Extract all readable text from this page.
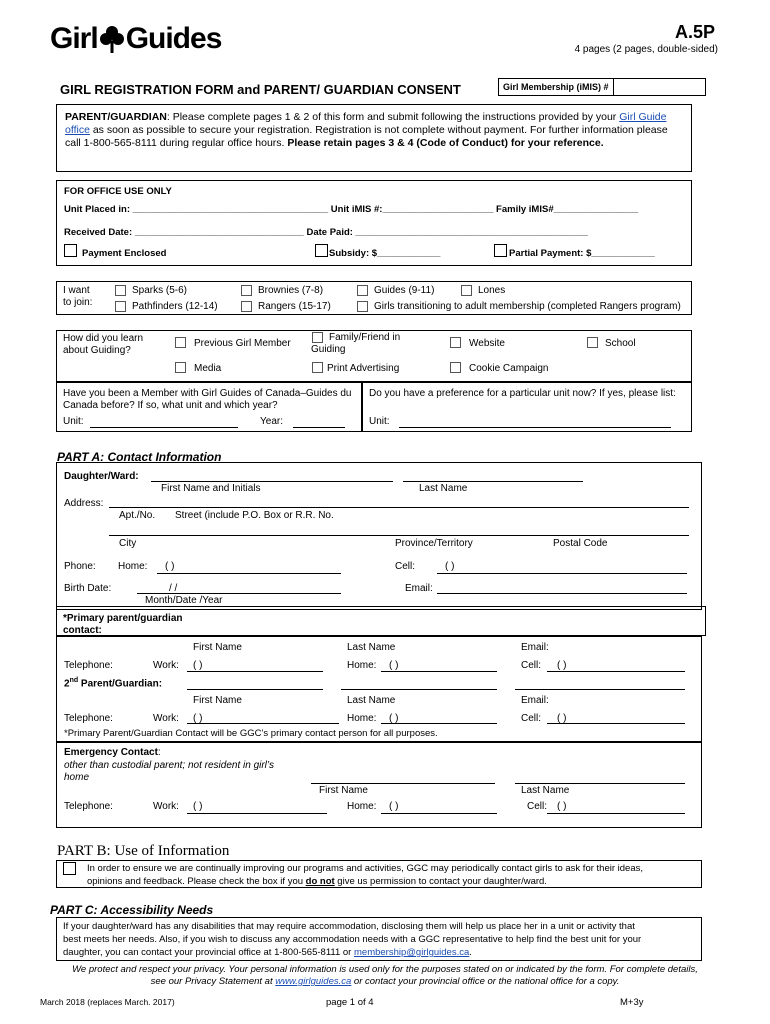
Girl Guides	A.5P
4 pages (2 pages, double-sided)
GIRL REGISTRATION FORM and PARENT/ GUARDIAN CONSENT	Girl Membership (iMIS) #
PARENT/GUARDIAN: Please complete pages 1 & 2 of this form and submit following the instructions provided by your Girl Guide office as soon as possible to secure your registration. Registration is not complete without payment. For further information please call 1-800-565-8111 during regular office hours. Please retain pages 3 & 4 (Code of Conduct) for your reference.
FOR OFFICE USE ONLY
Unit Placed in: _____________________________________ Unit iMIS #:_____________________ Family iMIS#________________
Received Date: ________________________________ Date Paid: ____________________________________________
Payment Enclosed	Subsidy: $____________	Partial Payment: $____________
I want
to join:
Sparks (5-6)	Brownies (7-8)	Guides (9-11)	Lones
Pathfinders (12-14)	Rangers (15-17)	Girls transitioning to adult membership (completed Rangers program)
How did you learn
about Guiding?
Previous Girl Member
Family/Friend in
Guiding
Website	School
Media	Print Advertising	Cookie Campaign
Have you been a Member with Girl Guides of Canada–Guides du
Canada before? If so, what unit and which year?
Unit:	Year:
Do you have a preference for a particular unit now? If yes, please list:
Unit:
PART A: Contact Information
Daughter/Ward:
First Name and Initials	Last Name
Address:
Apt./No. Street (include P.O. Box or R.R. No.
City	Province/Territory	Postal Code
Phone: Home: ( )	Cell:	( )
Birth Date:	/ /	Email:
Month/Date /Year
*Primary parent/guardian
contact:
First Name	Last Name	Email:
Telephone:	Work: ( )	Home: ( )	Cell: ( )
2nd Parent/Guardian:
First Name	Last Name	Email:
Telephone:	Work: ( )	Home: ( )	Cell: ( )
*Primary Parent/Guardian Contact will be GGC’s primary contact person for all purposes.
Emergency Contact:
other than custodial parent; not resident in girl’s
home
First Name	Last Name
Telephone:	Work: ( )	Home: ( )	Cell: ( )
PART B: Use of Information
In order to ensure we are continually improving our programs and activities, GGC may periodically contact girls to ask for their ideas,
opinions and feedback. Please check the box if you do not give us permission to contact your daughter/ward.
PART C: Accessibility Needs
If your daughter/ward has any disabilities that may require accommodation, disclosing them will help us place her in a unit or activity that
best meets her needs. Also, if you wish to discuss any accommodation needs with a GGC representative to help find the best unit for your
daughter, you can contact your provincial office at 1-800-565-8111 or membership@girlguides.ca.
We protect and respect your privacy. Your personal information is used only for the purposes stated on or indicated by the form. For complete details,
see our Privacy Statement at www.girlguides.ca or contact your provincial office or the national office for a copy.
March 2018 (replaces March. 2017)	page 1 of 4	M+3y
